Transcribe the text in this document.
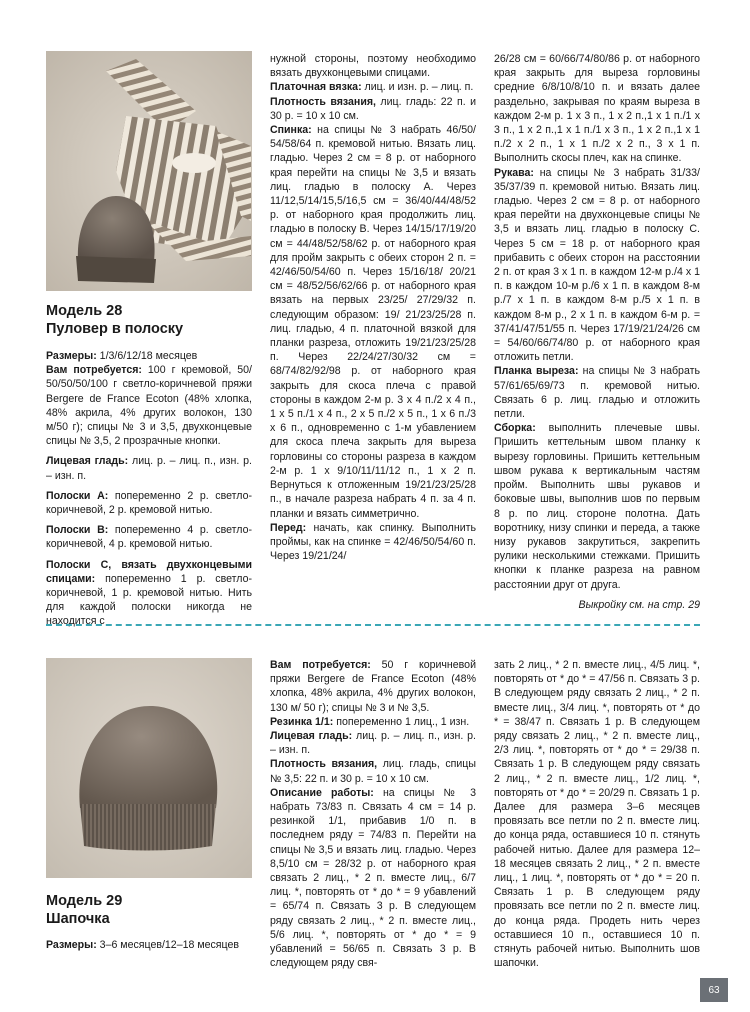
Модель 28
Пуловер в полоску

Размеры: 1/3/6/12/18 месяцев

Вам потребуется: 100 г кремовой, 50/ 50/50/50/100 г светло-коричневой пряжи Bergere de France Ecoton (48% хлопка, 48% акрила, 4% других волокон, 130 м/50 г); спицы № 3 и 3,5, двухконцевые спицы № 3,5, 2 прозрачные кнопки.

Лицевая гладь: лиц. р. – лиц. п., изн. р. – изн. п.

Полоски А: попеременно 2 р. светло-коричневой, 2 р. кремовой нитью.

Полоски В: попеременно 4 р. светло-коричневой, 4 р. кремовой нитью.

Полоски С, вязать двухконцевыми спицами: попеременно 1 р. светло-коричневой, 1 р. кремовой нитью. Нить для каждой полоски никогда не находится с

нужной стороны, поэтому необходимо вязать двухконцевыми спицами.

Платочная вязка: лиц. и изн. р. – лиц. п.

Плотность вязания, лиц. гладь: 22 п. и 30 р. = 10 х 10 см.

Спинка: на спицы № 3 набрать 46/50/ 54/58/64 п. кремовой нитью. Вязать лиц. гладью. Через 2 см = 8 р. от наборного края перейти на спицы № 3,5 и вязать лиц. гладью в полоску А. Через 11/12,5/14/15,5/16,5 см = 36/40/44/48/52 р. от наборного края продолжить лиц. гладью в полоску В. Через 14/15/17/19/20 см = 44/48/52/58/62 р. от наборного края для пройм закрыть с обеих сторон 2 п. = 42/46/50/54/60 п. Через 15/16/18/ 20/21 см = 48/52/56/62/66 р. от наборного края вязать на первых 23/25/ 27/29/32 п. следующим образом: 19/ 21/23/25/28 п. лиц. гладью, 4 п. платочной вязкой для планки разреза, отложить 19/21/23/25/28 п. Через 22/24/27/30/32 см = 68/74/82/92/98 р. от наборного края закрыть для скоса плеча с правой стороны в каждом 2-м р. 3 х 4 п./2 х 4 п., 1 х 5 п./1 х 4 п., 2 х 5 п./2 х 5 п., 1 х 6 п./3 х 6 п., одновременно с 1-м убавлением для скоса плеча закрыть для выреза горловины со стороны разреза в каждом 2-м р. 1 х 9/10/11/11/12 п., 1 х 2 п. Вернуться к отложенным 19/21/23/25/28 п., в начале разреза набрать 4 п. за 4 п. планки и вязать симметрично.

Перед: начать, как спинку. Выполнить проймы, как на спинке = 42/46/50/54/60 п. Через 19/21/24/

26/28 см = 60/66/74/80/86 р. от наборного края закрыть для выреза горловины средние 6/8/10/8/10 п. и вязать далее раздельно, закрывая по краям выреза в каждом 2-м р. 1 х 3 п., 1 х 2 п.,1 х 1 п./1 х 3 п., 1 х 2 п.,1 х 1 п./1 х 3 п., 1 х 2 п.,1 х 1 п./2 х 2 п., 1 х 1 п./2 х 2 п., 3 х 1 п. Выполнить скосы плеч, как на спинке.

Рукава: на спицы № 3 набрать 31/33/ 35/37/39 п. кремовой нитью. Вязать лиц. гладью. Через 2 см = 8 р. от наборного края перейти на двухконцевые спицы № 3,5 и вязать лиц. гладью в полоску С. Через 5 см = 18 р. от наборного края прибавить с обеих сторон на расстоянии 2 п. от края 3 х 1 п. в каждом 12-м р./4 х 1 п. в каждом 10-м р./6 х 1 п. в каждом 8-м р./7 х 1 п. в каждом 8-м р./5 х 1 п. в каждом 8-м р., 2 х 1 п. в каждом 6-м р. = 37/41/47/51/55 п. Через 17/19/21/24/26 см = 54/60/66/74/80 р. от наборного края отложить петли.

Планка выреза: на спицы № 3 набрать 57/61/65/69/73 п. кремовой нитью. Связать 6 р. лиц. гладью и отложить петли.

Сборка: выполнить плечевые швы. Пришить кеттельным швом планку к вырезу горловины. Пришить кеттельным швом рукава к вертикальным частям пройм. Выполнить швы рукавов и боковые швы, выполнив шов по первым 8 р. по лиц. стороне полотна. Дать воротнику, низу спинки и переда, а также низу рукавов закрутиться, закрепить рулики несколькими стежками. Пришить кнопки к планке разреза на равном расстоянии друг от друга.

Выкройку см. на стр. 29

Модель 29
Шапочка

Размеры: 3–6 месяцев/12–18 месяцев

Вам потребуется: 50 г коричневой пряжи Bergere de France Ecoton (48% хлопка, 48% акрила, 4% других волокон, 130 м/ 50 г); спицы № 3 и № 3,5.

Резинка 1/1: попеременно 1 лиц., 1 изн.

Лицевая гладь: лиц. р. – лиц. п., изн. р. – изн. п.

Плотность вязания, лиц. гладь, спицы № 3,5: 22 п. и 30 р. = 10 х 10 см.

Описание работы: на спицы № 3 набрать 73/83 п. Связать 4 см = 14 р. резинкой 1/1, прибавив 1/0 п. в последнем ряду = 74/83 п. Перейти на спицы № 3,5 и вязать лиц. гладью. Через 8,5/10 см = 28/32 р. от наборного края связать 2 лиц., * 2 п. вместе лиц., 6/7 лиц. *, повторять от * до * = 9 убавлений = 65/74 п. Связать 3 р. В следующем ряду связать 2 лиц., * 2 п. вместе лиц., 5/6 лиц. *, повторять от * до * = 9 убавлений = 56/65 п. Связать 3 р. В следующем ряду свя-

зать 2 лиц., * 2 п. вместе лиц., 4/5 лиц. *, повторять от * до * = 47/56 п. Связать 3 р. В следующем ряду связать 2 лиц., * 2 п. вместе лиц., 3/4 лиц. *, повторять от * до * = 38/47 п. Связать 1 р. В следующем ряду связать 2 лиц., * 2 п. вместе лиц., 2/3 лиц. *, повторять от * до * = 29/38 п. Связать 1 р. В следующем ряду связать 2 лиц., * 2 п. вместе лиц., 1/2 лиц. *, повторять от * до * = 20/29 п. Связать 1 р. Далее для размера 3–6 месяцев провязать все петли по 2 п. вместе лиц. до конца ряда, оставшиеся 10 п. стянуть рабочей нитью. Далее для размера 12–18 месяцев связать 2 лиц., * 2 п. вместе лиц., 1 лиц. *, повторять от * до * = 20 п. Связать 1 р. В следующем ряду провязать все петли по 2 п. вместе лиц. до конца ряда. Продеть нить через оставшиеся 10 п., оставшиеся 10 п. стянуть рабочей нитью. Выполнить шов шапочки.

63
